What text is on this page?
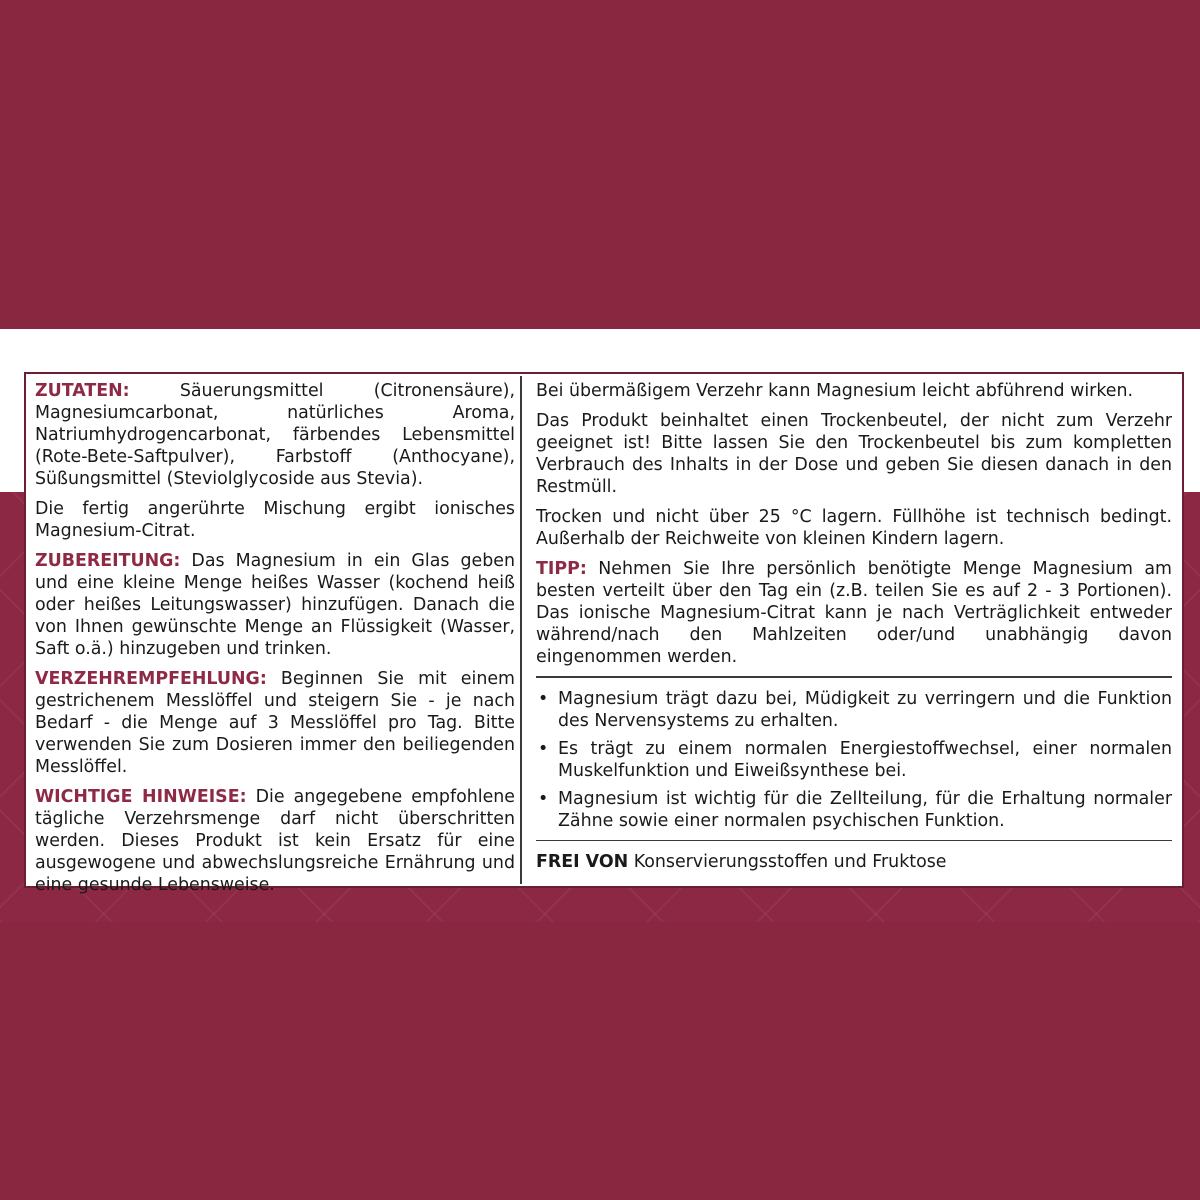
ZUTATEN: Säuerungsmittel (Citronensäure), Magnesiumcarbonat, natürliches Aroma, Natriumhydrogencarbonat, färbendes Lebensmittel (Rote-Bete-Saftpulver), Farbstoff (Anthocyane), Süßungsmittel (Steviolglycoside aus Stevia).

Die fertig angerührte Mischung ergibt ionisches Magnesium-Citrat.

ZUBEREITUNG: Das Magnesium in ein Glas geben und eine kleine Menge heißes Wasser (kochend heiß oder heißes Leitungswasser) hinzufügen. Danach die von Ihnen gewünschte Menge an Flüssigkeit (Wasser, Saft o.ä.) hinzugeben und trinken.

VERZEHREMPFEHLUNG: Beginnen Sie mit einem gestrichenem Messlöffel und steigern Sie - je nach Bedarf - die Menge auf 3 Messlöffel pro Tag. Bitte verwenden Sie zum Dosieren immer den beiliegenden Messlöffel.

WICHTIGE HINWEISE: Die angegebene empfohlene tägliche Verzehrsmenge darf nicht überschritten werden. Dieses Produkt ist kein Ersatz für eine ausgewogene und abwechslungsreiche Ernährung und eine gesunde Lebensweise.

Bei übermäßigem Verzehr kann Magnesium leicht abführend wirken.

Das Produkt beinhaltet einen Trockenbeutel, der nicht zum Verzehr geeignet ist! Bitte lassen Sie den Trockenbeutel bis zum kompletten Verbrauch des Inhalts in der Dose und geben Sie diesen danach in den Restmüll.

Trocken und nicht über 25 °C lagern. Füllhöhe ist technisch bedingt. Außerhalb der Reichweite von kleinen Kindern lagern.

TIPP: Nehmen Sie Ihre persönlich benötigte Menge Magnesium am besten verteilt über den Tag ein (z.B. teilen Sie es auf 2 - 3 Portionen). Das ionische Magnesium-Citrat kann je nach Verträglichkeit entweder während/nach den Mahlzeiten oder/und unabhängig davon eingenommen werden.

• Magnesium trägt dazu bei, Müdigkeit zu verringern und die Funktion des Nervensystems zu erhalten.
• Es trägt zu einem normalen Energiestoffwechsel, einer normalen Muskelfunktion und Eiweißsynthese bei.
• Magnesium ist wichtig für die Zellteilung, für die Erhaltung normaler Zähne sowie einer normalen psychischen Funktion.

FREI VON Konservierungsstoffen und Fruktose
